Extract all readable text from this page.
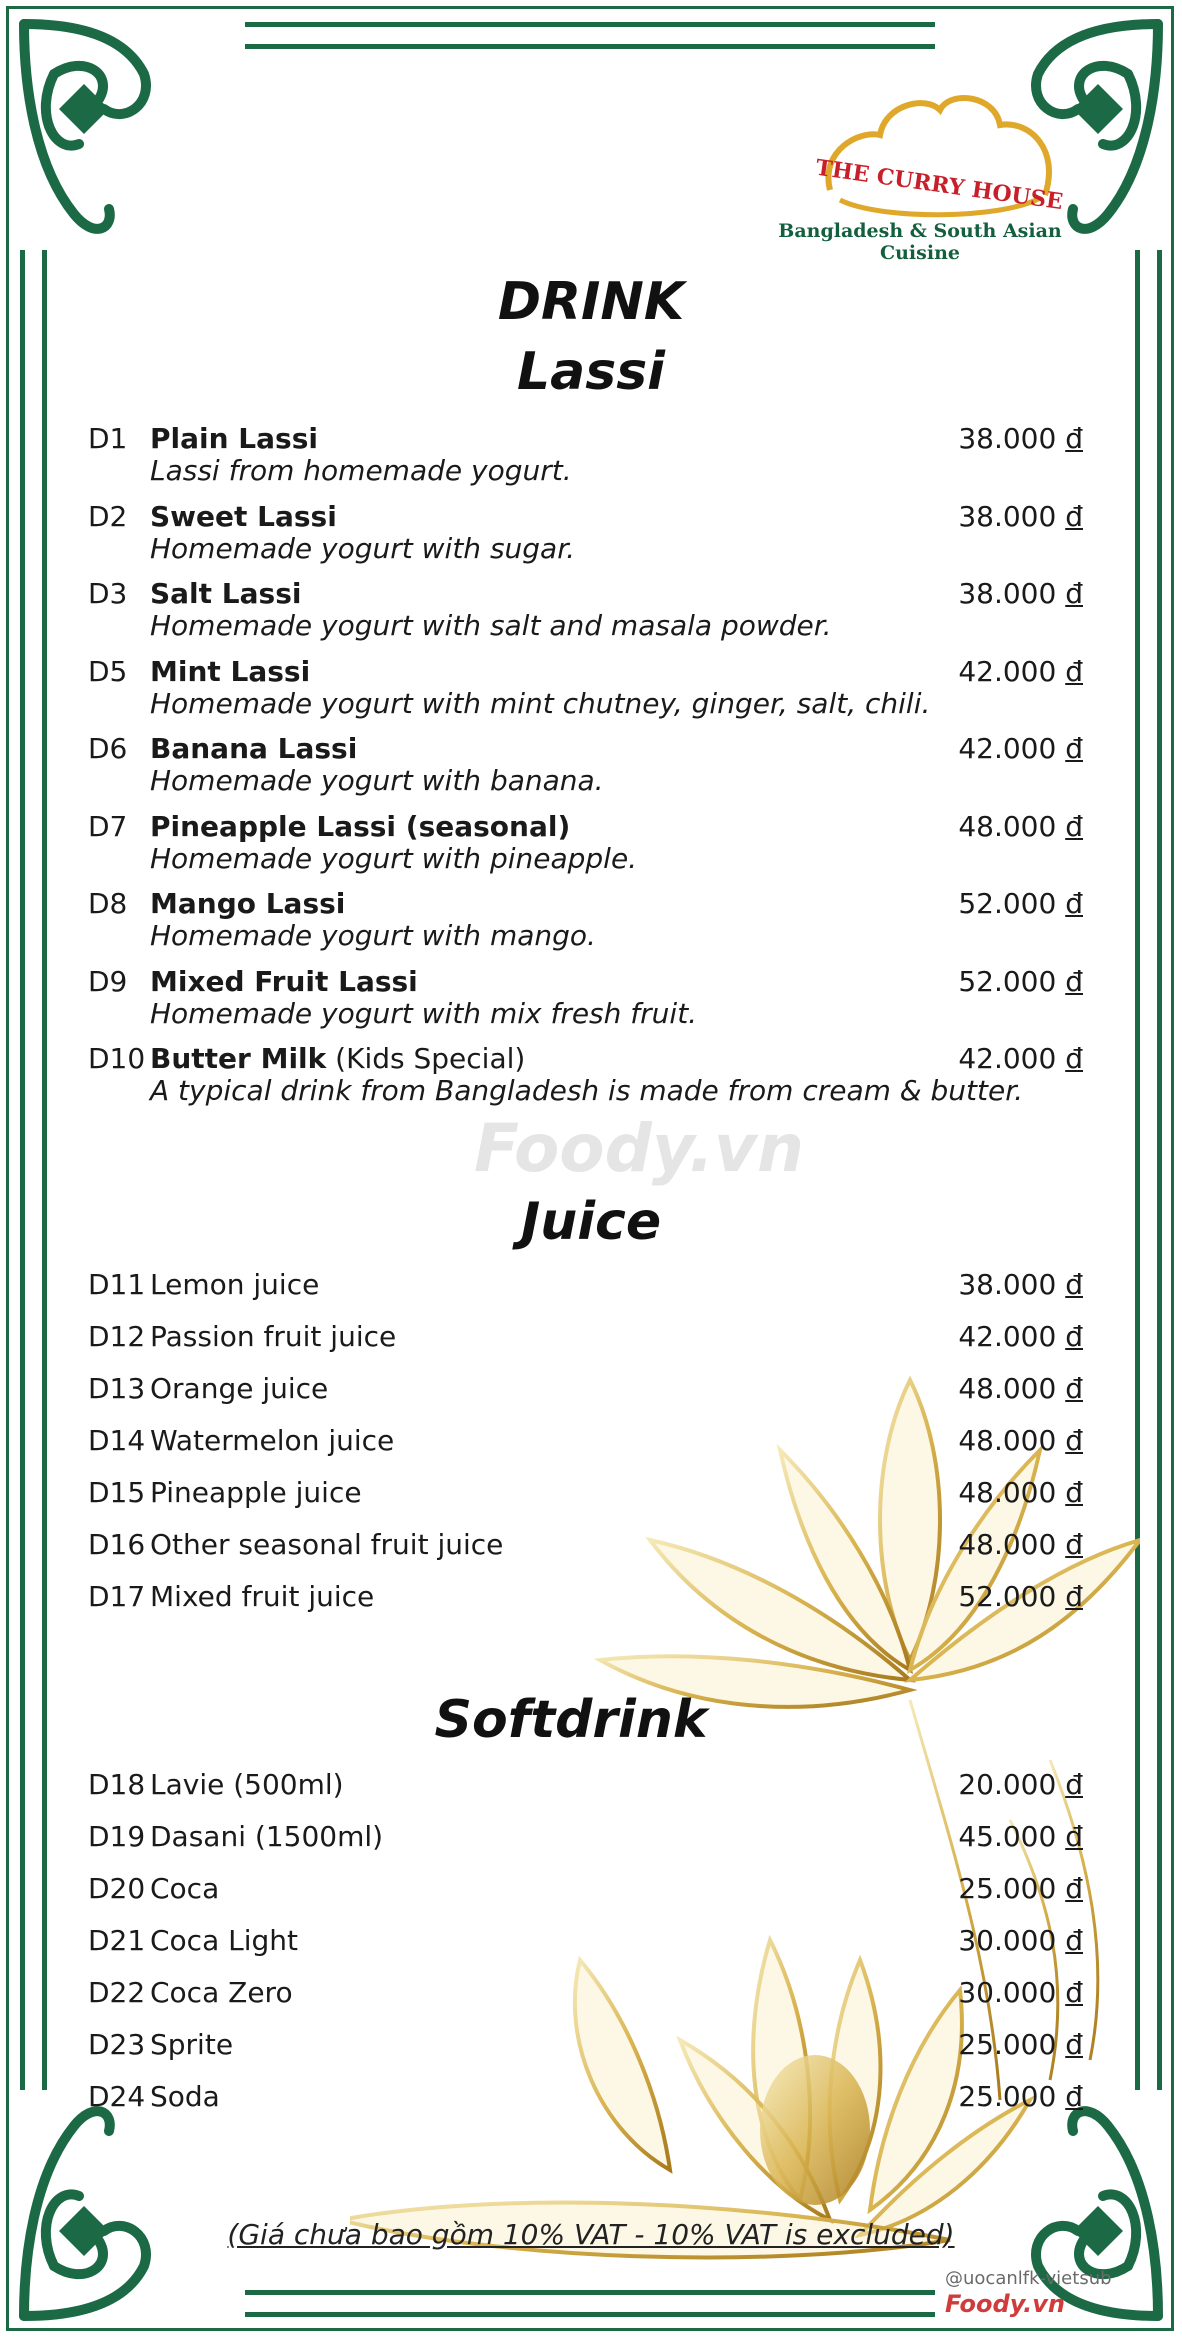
THE CURRY HOUSE
Bangladesh & South Asian Cuisine
DRINK
Lassi
D1 Plain Lassi
Lassi from homemade yogurt.
38.000 đ
D2 Sweet Lassi
Homemade yogurt with sugar.
38.000 đ
D3 Salt Lassi
Homemade yogurt with salt and masala powder.
38.000 đ
D5 Mint Lassi
Homemade yogurt with mint chutney, ginger, salt, chili.
42.000 đ
D6 Banana Lassi
Homemade yogurt with banana.
42.000 đ
D7 Pineapple Lassi (seasonal)
Homemade yogurt with pineapple.
48.000 đ
D8 Mango Lassi
Homemade yogurt with mango.
52.000 đ
D9 Mixed Fruit Lassi
Homemade yogurt with mix fresh fruit.
52.000 đ
D10 Butter Milk (Kids Special)
A typical drink from Bangladesh is made from cream & butter.
42.000 đ
Foody.vn
Juice
D11 Lemon juice	38.000 đ
D12 Passion fruit juice	42.000 đ
D13 Orange juice	48.000 đ
D14 Watermelon juice	48.000 đ
D15 Pineapple juice	48.000 đ
D16 Other seasonal fruit juice	48.000 đ
D17 Mixed fruit juice	52.000 đ
Softdrink
D18 Lavie (500ml)	20.000 đ
D19 Dasani (1500ml)	45.000 đ
D20 Coca	25.000 đ
D21 Coca Light	30.000 đ
D22 Coca Zero	30.000 đ
D23 Sprite	25.000 đ
D24 Soda	25.000 đ
(Giá chưa bao gồm 10% VAT - 10% VAT is excluded)
@uocanlfk-vietsub
Foody.vn
